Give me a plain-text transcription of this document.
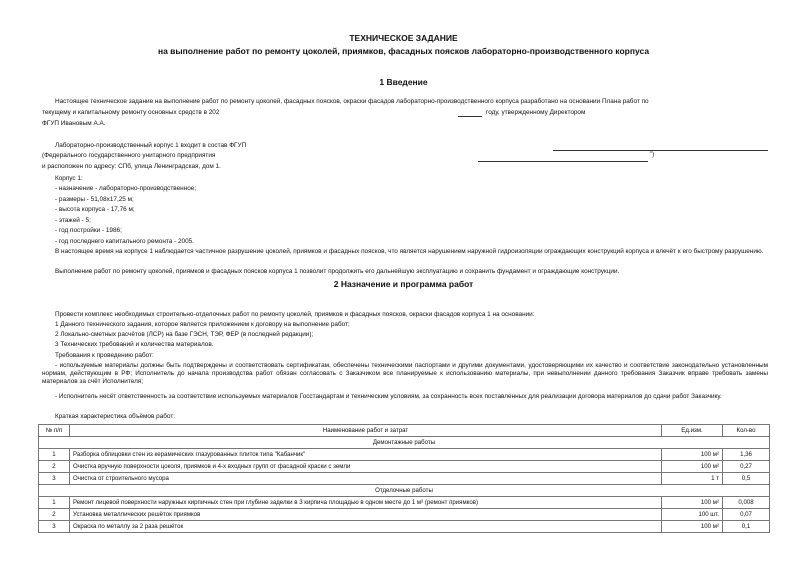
ТЕХНИЧЕСКОЕ ЗАДАНИЕ
на выполнение работ по ремонту цоколей, приямков, фасадных поясков лабораторно-производственного корпуса
1 Введение
Настоящее техническое задание на выполнение работ по ремонту цоколей, фасадных поясков, окраски фасадов лабораторно-производственного корпуса разработано на основании Плана работ по
текущему и капитальному ремонту основных средств в 202	году, утвержденному Директором
ФГУП Ивановым А.А.
Лабораторно-производственный корпус 1 входит в состав ФГУП
(Федерального государственного унитарного предприятия	”)
и расположен по адресу: СПб, улица Ленинградская, дом 1.
Корпус 1:
- назначение - лабораторно-производственное;
- размеры - 51,08х17,25 м;
- высота корпуса - 17,76 м;
- этажей - 5;
- год постройки - 1986;
- год последнего капитального ремонта - 2005.
В настоящее время на корпусе 1 наблюдается частичное разрушение цоколей, приямков и фасадных поясков, что является нарушением наружной гидроизоляции ограждающих конструкций корпуса и влечёт к его быстрому разрушению.
Выполнение работ по ремонту цоколей, приямков и фасадных поясков корпуса 1 позволит продолжить его дальнейшую эксплуатацию и сохранить фундамент и ограждающие конструкции.
2 Назначение и программа работ
Провести комплекс необходимых строительно-отделочных работ по ремонту цоколей, приямков и фасадных поясков, окраски фасадов корпуса 1 на основании:
1 Данного технического задания, которое является приложением к договору на выполнение работ;
2 Локально-сметных расчётов (ЛСР) на базе ГЭСН, ТЭР, ФЕР (в последней редакции);
3 Технических требований и количества материалов.
Требования к проведению работ:
- используемые материалы должны быть подтверждены и соответствовать сертификатам, обеспечены техническими паспортами и другими документами, удостоверяющими их качество и соответствие законодательно установленным нормам, действующим в РФ; Исполнитель до начала производства работ обязан согласовать с Заказчиком все планируемые к использованию материалы, при невыполнении данного требования Заказчик вправе требовать замены материалов за счёт Исполнителя;
- Исполнитель несёт ответственность за соответствие используемых материалов Госстандартам и техническим условиям, за сохранность всех поставленных для реализации договора материалов до сдачи работ Заказчику.
Краткая характеристика объёмов работ:
№ п/п	Наименование работ и затрат	Ед.изм.	Кол-во
Демонтажные работы			
1	Разборка облицовки стен из керамических глазурованных плиток типа "Кабанчик"	100 м²	1,36
2	Очистка вручную поверхности цоколя, приямков и 4-х входных групп от фасадной краски с земли	100 м²	0,27
3	Очистка от строительного мусора	1 т	0,5
Отделочные работы			
1	Ремонт лицевой поверхности наружных кирпичных стен при глубине заделки в 3 кирпича площадью в одном месте до 1 м² (ремонт приямков)	100 м²	0,008
2	Установка металлических решёток приямков	100 шт.	0,07
3	Окраска по металлу за 2 раза решёток	100 м²	0,1
